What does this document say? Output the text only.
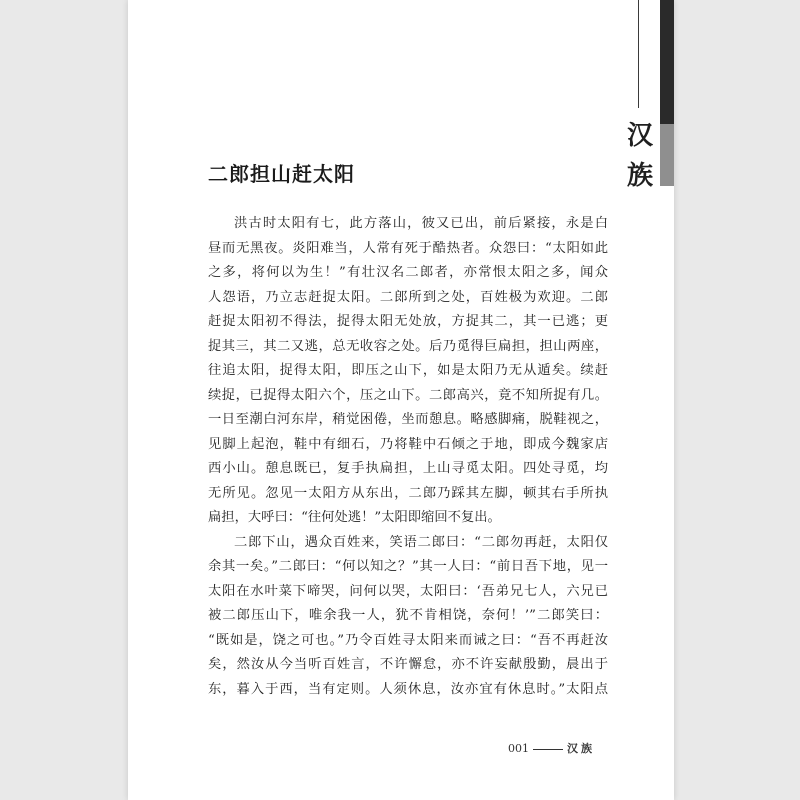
汉
族
二郎担山赶太阳
洪古时太阳有七，此方落山，彼又已出，前后紧接，永是白
昼而无黑夜。炎阳难当，人常有死于酷热者。众怨曰：“太阳如此
之多，将何以为生！”有壮汉名二郎者，亦常恨太阳之多，闻众
人怨语，乃立志赶捉太阳。二郎所到之处，百姓极为欢迎。二郎
赶捉太阳初不得法，捉得太阳无处放，方捉其二，其一已逃；更
捉其三，其二又逃，总无收容之处。后乃觅得巨扁担，担山两座，
往追太阳，捉得太阳，即压之山下，如是太阳乃无从遁矣。续赶
续捉，已捉得太阳六个，压之山下。二郎高兴，竟不知所捉有几。
一日至潮白河东岸，稍觉困倦，坐而憩息。略感脚痛，脱鞋视之，
见脚上起泡，鞋中有细石，乃将鞋中石倾之于地，即成今魏家店
西小山。憩息既已，复手执扁担，上山寻觅太阳。四处寻觅，均
无所见。忽见一太阳方从东出，二郎乃踩其左脚，顿其右手所执
扁担，大呼曰：“往何处逃！”太阳即缩回不复出。
二郎下山，遇众百姓来，笑语二郎曰：“二郎勿再赶，太阳仅
余其一矣。”二郎曰：“何以知之？”其一人曰：“前日吾下地，见一
太阳在水叶菜下啼哭，问何以哭，太阳曰：‘吾弟兄七人，六兄已
被二郎压山下，唯余我一人，犹不肯相饶，奈何！’”二郎笑曰：
“既如是，饶之可也。”乃令百姓寻太阳来而诫之曰：“吾不再赶汝
矣，然汝从今当听百姓言，不许懈怠，亦不许妄献殷勤，晨出于
东，暮入于西，当有定则。人须休息，汝亦宜有休息时。”太阳点
001	汉族
